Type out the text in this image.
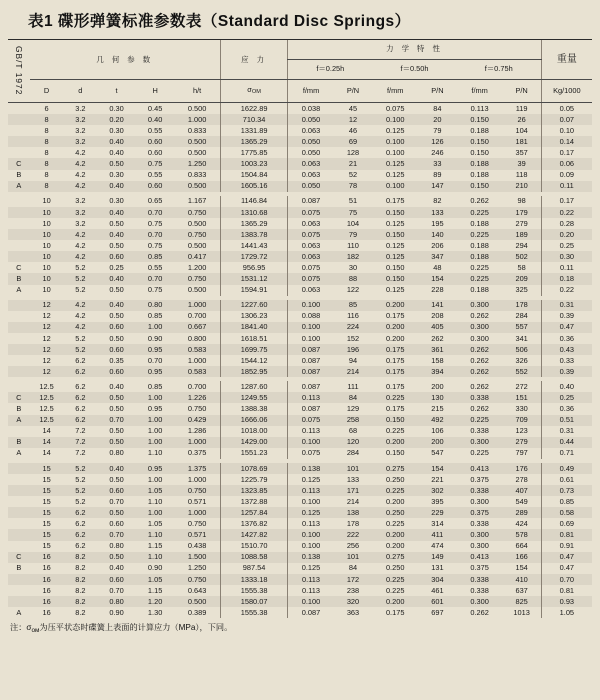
表1 碟形弹簧标准参数表（Standard Disc Springs）
GB/T 1972	几 何 参 数					应 力	力 学 特 性						重量
							f＝0.25h		f＝0.50h		f＝0.75h		
	D	d	t	H	h/t	σOM	f/mm	P/N	f/mm	P/N	f/mm	P/N	Kg/1000
	6	3.2	0.30	0.45	0.500	1622.89	0.038	45	0.075	84	0.113	119	0.05
	8	3.2	0.20	0.40	1.000	710.34	0.050	12	0.100	20	0.150	26	0.07
	8	3.2	0.30	0.55	0.833	1331.89	0.063	46	0.125	79	0.188	104	0.10
	8	3.2	0.40	0.60	0.500	1365.29	0.050	69	0.100	126	0.150	181	0.14
	8	4.2	0.40	0.60	0.500	1775.85	0.050	128	0.100	246	0.150	357	0.17
C	8	4.2	0.50	0.75	1.250	1003.23	0.063	21	0.125	33	0.188	39	0.06
B	8	4.2	0.30	0.55	0.833	1504.84	0.063	52	0.125	89	0.188	118	0.09
A	8	4.2	0.40	0.60	0.500	1605.16	0.050	78	0.100	147	0.150	210	0.11

	10	3.2	0.30	0.65	1.167	1146.84	0.087	51	0.175	82	0.262	98	0.17
	10	3.2	0.40	0.70	0.750	1310.68	0.075	75	0.150	133	0.225	179	0.22
	10	3.2	0.50	0.75	0.500	1365.29	0.063	104	0.125	195	0.188	279	0.28
	10	4.2	0.40	0.70	0.750	1383.78	0.075	79	0.150	140	0.225	189	0.20
	10	4.2	0.50	0.75	0.500	1441.43	0.063	110	0.125	206	0.188	294	0.25
	10	4.2	0.60	0.85	0.417	1729.72	0.063	182	0.125	347	0.188	502	0.30
C	10	5.2	0.25	0.55	1.200	956.95	0.075	30	0.150	48	0.225	58	0.11
B	10	5.2	0.40	0.70	0.750	1531.12	0.075	88	0.150	154	0.225	209	0.18
A	10	5.2	0.50	0.75	0.500	1594.91	0.063	122	0.125	228	0.188	325	0.22

	12	4.2	0.40	0.80	1.000	1227.60	0.100	85	0.200	141	0.300	178	0.31
	12	4.2	0.50	0.85	0.700	1306.23	0.088	116	0.175	208	0.262	284	0.39
	12	4.2	0.60	1.00	0.667	1841.40	0.100	224	0.200	405	0.300	557	0.47
	12	5.2	0.50	0.90	0.800	1618.51	0.100	152	0.200	262	0.300	341	0.36
	12	5.2	0.60	0.95	0.583	1699.75	0.087	196	0.175	361	0.262	506	0.43
	12	6.2	0.35	0.70	1.000	1544.12	0.087	94	0.175	158	0.262	326	0.33
	12	6.2	0.60	0.95	0.583	1852.95	0.087	214	0.175	394	0.262	552	0.39

	12.5	6.2	0.40	0.85	0.700	1287.60	0.087	111	0.175	200	0.262	272	0.40
C	12.5	6.2	0.50	1.00	1.226	1249.55	0.113	84	0.225	130	0.338	151	0.25
B	12.5	6.2	0.50	0.95	0.750	1388.38	0.087	129	0.175	215	0.262	330	0.36
A	12.5	6.2	0.70	1.00	0.429	1666.06	0.075	258	0.150	492	0.225	709	0.51
	14	7.2	0.50	1.00	1.286	1018.00	0.113	68	0.225	106	0.338	123	0.31
B	14	7.2	0.50	1.00	1.000	1429.00	0.100	120	0.200	200	0.300	279	0.44
A	14	7.2	0.80	1.10	0.375	1551.23	0.075	284	0.150	547	0.225	797	0.71

	15	5.2	0.40	0.95	1.375	1078.69	0.138	101	0.275	154	0.413	176	0.49
	15	5.2	0.50	1.00	1.000	1225.79	0.125	133	0.250	221	0.375	278	0.61
	15	5.2	0.60	1.05	0.750	1323.85	0.113	171	0.225	302	0.338	407	0.73
	15	5.2	0.70	1.10	0.571	1372.88	0.100	214	0.200	395	0.300	549	0.85
	15	6.2	0.50	1.00	1.000	1257.84	0.125	138	0.250	229	0.375	289	0.58
	15	6.2	0.60	1.05	0.750	1376.82	0.113	178	0.225	314	0.338	424	0.69
	15	6.2	0.70	1.10	0.571	1427.82	0.100	222	0.200	411	0.300	578	0.81
	15	6.2	0.80	1.15	0.438	1510.70	0.100	256	0.200	474	0.300	664	0.91
C	16	8.2	0.50	1.10	1.500	1088.58	0.138	101	0.275	149	0.413	166	0.47
B	16	8.2	0.40	0.90	1.250	987.54	0.125	84	0.250	131	0.375	154	0.47
	16	8.2	0.60	1.05	0.750	1333.18	0.113	172	0.225	304	0.338	410	0.70
	16	8.2	0.70	1.15	0.643	1555.38	0.113	238	0.225	461	0.338	637	0.81
	16	8.2	0.80	1.20	0.500	1580.07	0.100	320	0.200	601	0.300	825	0.93
A	16	8.2	0.90	1.30	0.389	1555.38	0.087	363	0.175	697	0.262	1013	1.05
注：$\sigma_{ом}$为压平状态时碟簧上表面的计算应力（MPa），下同。
